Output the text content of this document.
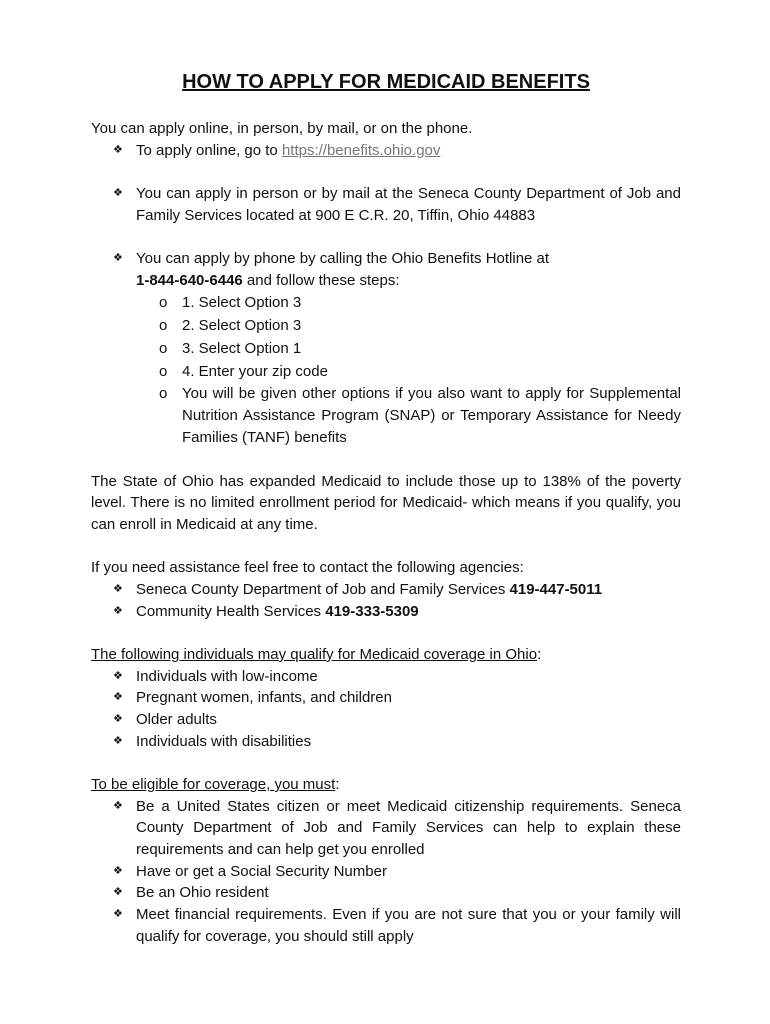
HOW TO APPLY FOR MEDICAID BENEFITS

You can apply online, in person, by mail, or on the phone.

❖ To apply online, go to https://benefits.ohio.gov
❖ You can apply in person or by mail at the Seneca County Department of Job and Family Services located at 900 E C.R. 20, Tiffin, Ohio 44883
❖ You can apply by phone by calling the Ohio Benefits Hotline at
1-844-640-6446 and follow these steps:
o 1. Select Option 3
o 2. Select Option 3
o 3. Select Option 1
o 4. Enter your zip code
o You will be given other options if you also want to apply for Supplemental Nutrition Assistance Program (SNAP) or Temporary Assistance for Needy Families (TANF) benefits

The State of Ohio has expanded Medicaid to include those up to 138% of the poverty level. There is no limited enrollment period for Medicaid- which means if you qualify, you can enroll in Medicaid at any time.

If you need assistance feel free to contact the following agencies:

❖ Seneca County Department of Job and Family Services 419-447-5011
❖ Community Health Services 419-333-5309

The following individuals may qualify for Medicaid coverage in Ohio:

❖ Individuals with low-income
❖ Pregnant women, infants, and children
❖ Older adults
❖ Individuals with disabilities

To be eligible for coverage, you must:

❖ Be a United States citizen or meet Medicaid citizenship requirements. Seneca County Department of Job and Family Services can help to explain these requirements and can help get you enrolled
❖ Have or get a Social Security Number
❖ Be an Ohio resident
❖ Meet financial requirements. Even if you are not sure that you or your family will qualify for coverage, you should still apply
